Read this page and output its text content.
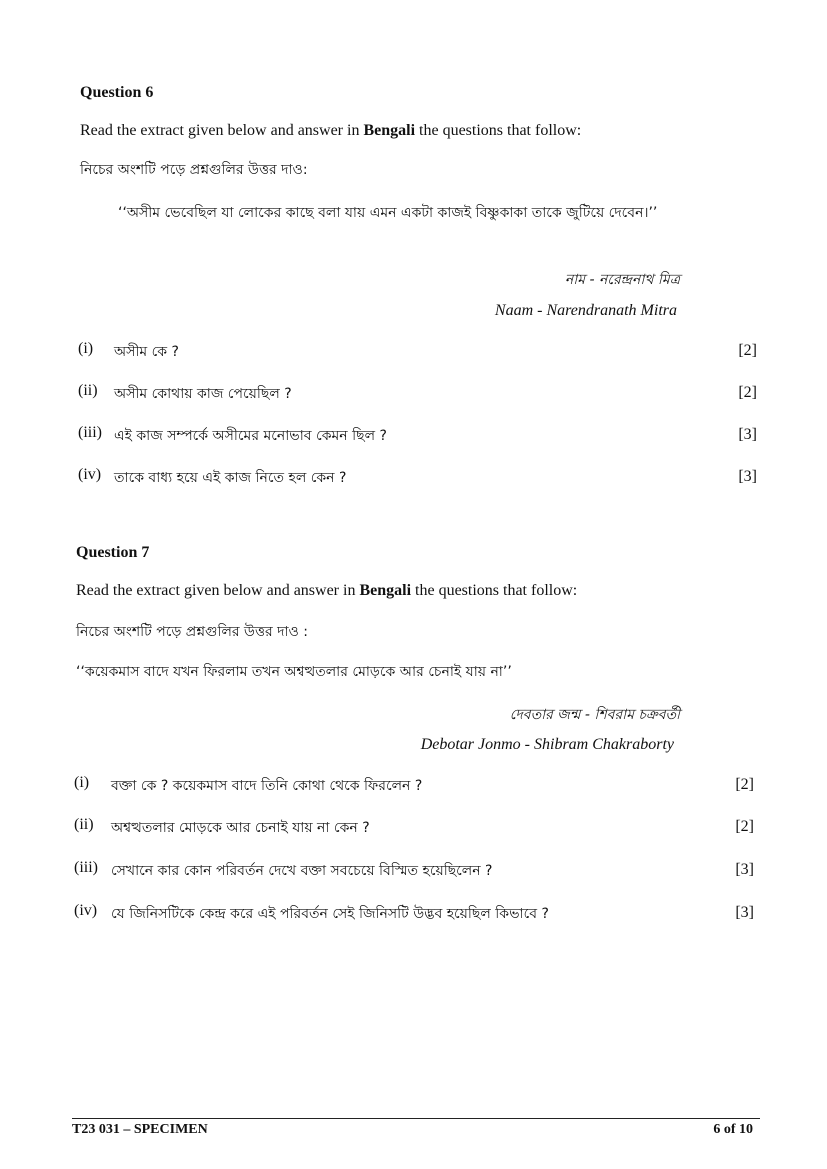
Question 6
Read the extract given below and answer in Bengali the questions that follow:
নিচের অংশটি পড়ে প্রশ্নগুলির উত্তর দাও:
‘‘অসীম ভেবেছিল যা লোকের কাছে বলা যায় এমন একটা কাজই বিষ্ণুকাকা তাকে জুটিয়ে দেবেন।’’
নাম - নরেন্দ্রনাথ মিত্র
Naam - Narendranath Mitra
(i) অসীম কে ?	[2]
(ii) অসীম কোথায় কাজ পেয়েছিল ?	[2]
(iii) এই কাজ সম্পর্কে অসীমের মনোভাব কেমন ছিল ?	[3]
(iv) তাকে বাধ্য হয়ে এই কাজ নিতে হল কেন ?	[3]
Question 7
Read the extract given below and answer in Bengali the questions that follow:
নিচের অংশটি পড়ে প্রশ্নগুলির উত্তর দাও :
‘‘কয়েকমাস বাদে যখন ফিরলাম তখন অশ্বত্থতলার মোড়কে আর চেনাই যায় না’’
দেবতার জন্ম - শিবরাম চক্রবর্তী
Debotar Jonmo - Shibram Chakraborty
(i) বক্তা কে ? কয়েকমাস বাদে তিনি কোথা থেকে ফিরলেন ?	[2]
(ii) অশ্বত্থতলার মোড়কে আর চেনাই যায় না কেন ?	[2]
(iii) সেখানে কার কোন পরিবর্তন দেখে বক্তা সবচেয়ে বিস্মিত হয়েছিলেন ?	[3]
(iv) যে জিনিসটিকে কেন্দ্র করে এই পরিবর্তন সেই জিনিসটি উদ্ভব হয়েছিল কিভাবে ?	[3]
T23 031 – SPECIMEN	6 of 10
